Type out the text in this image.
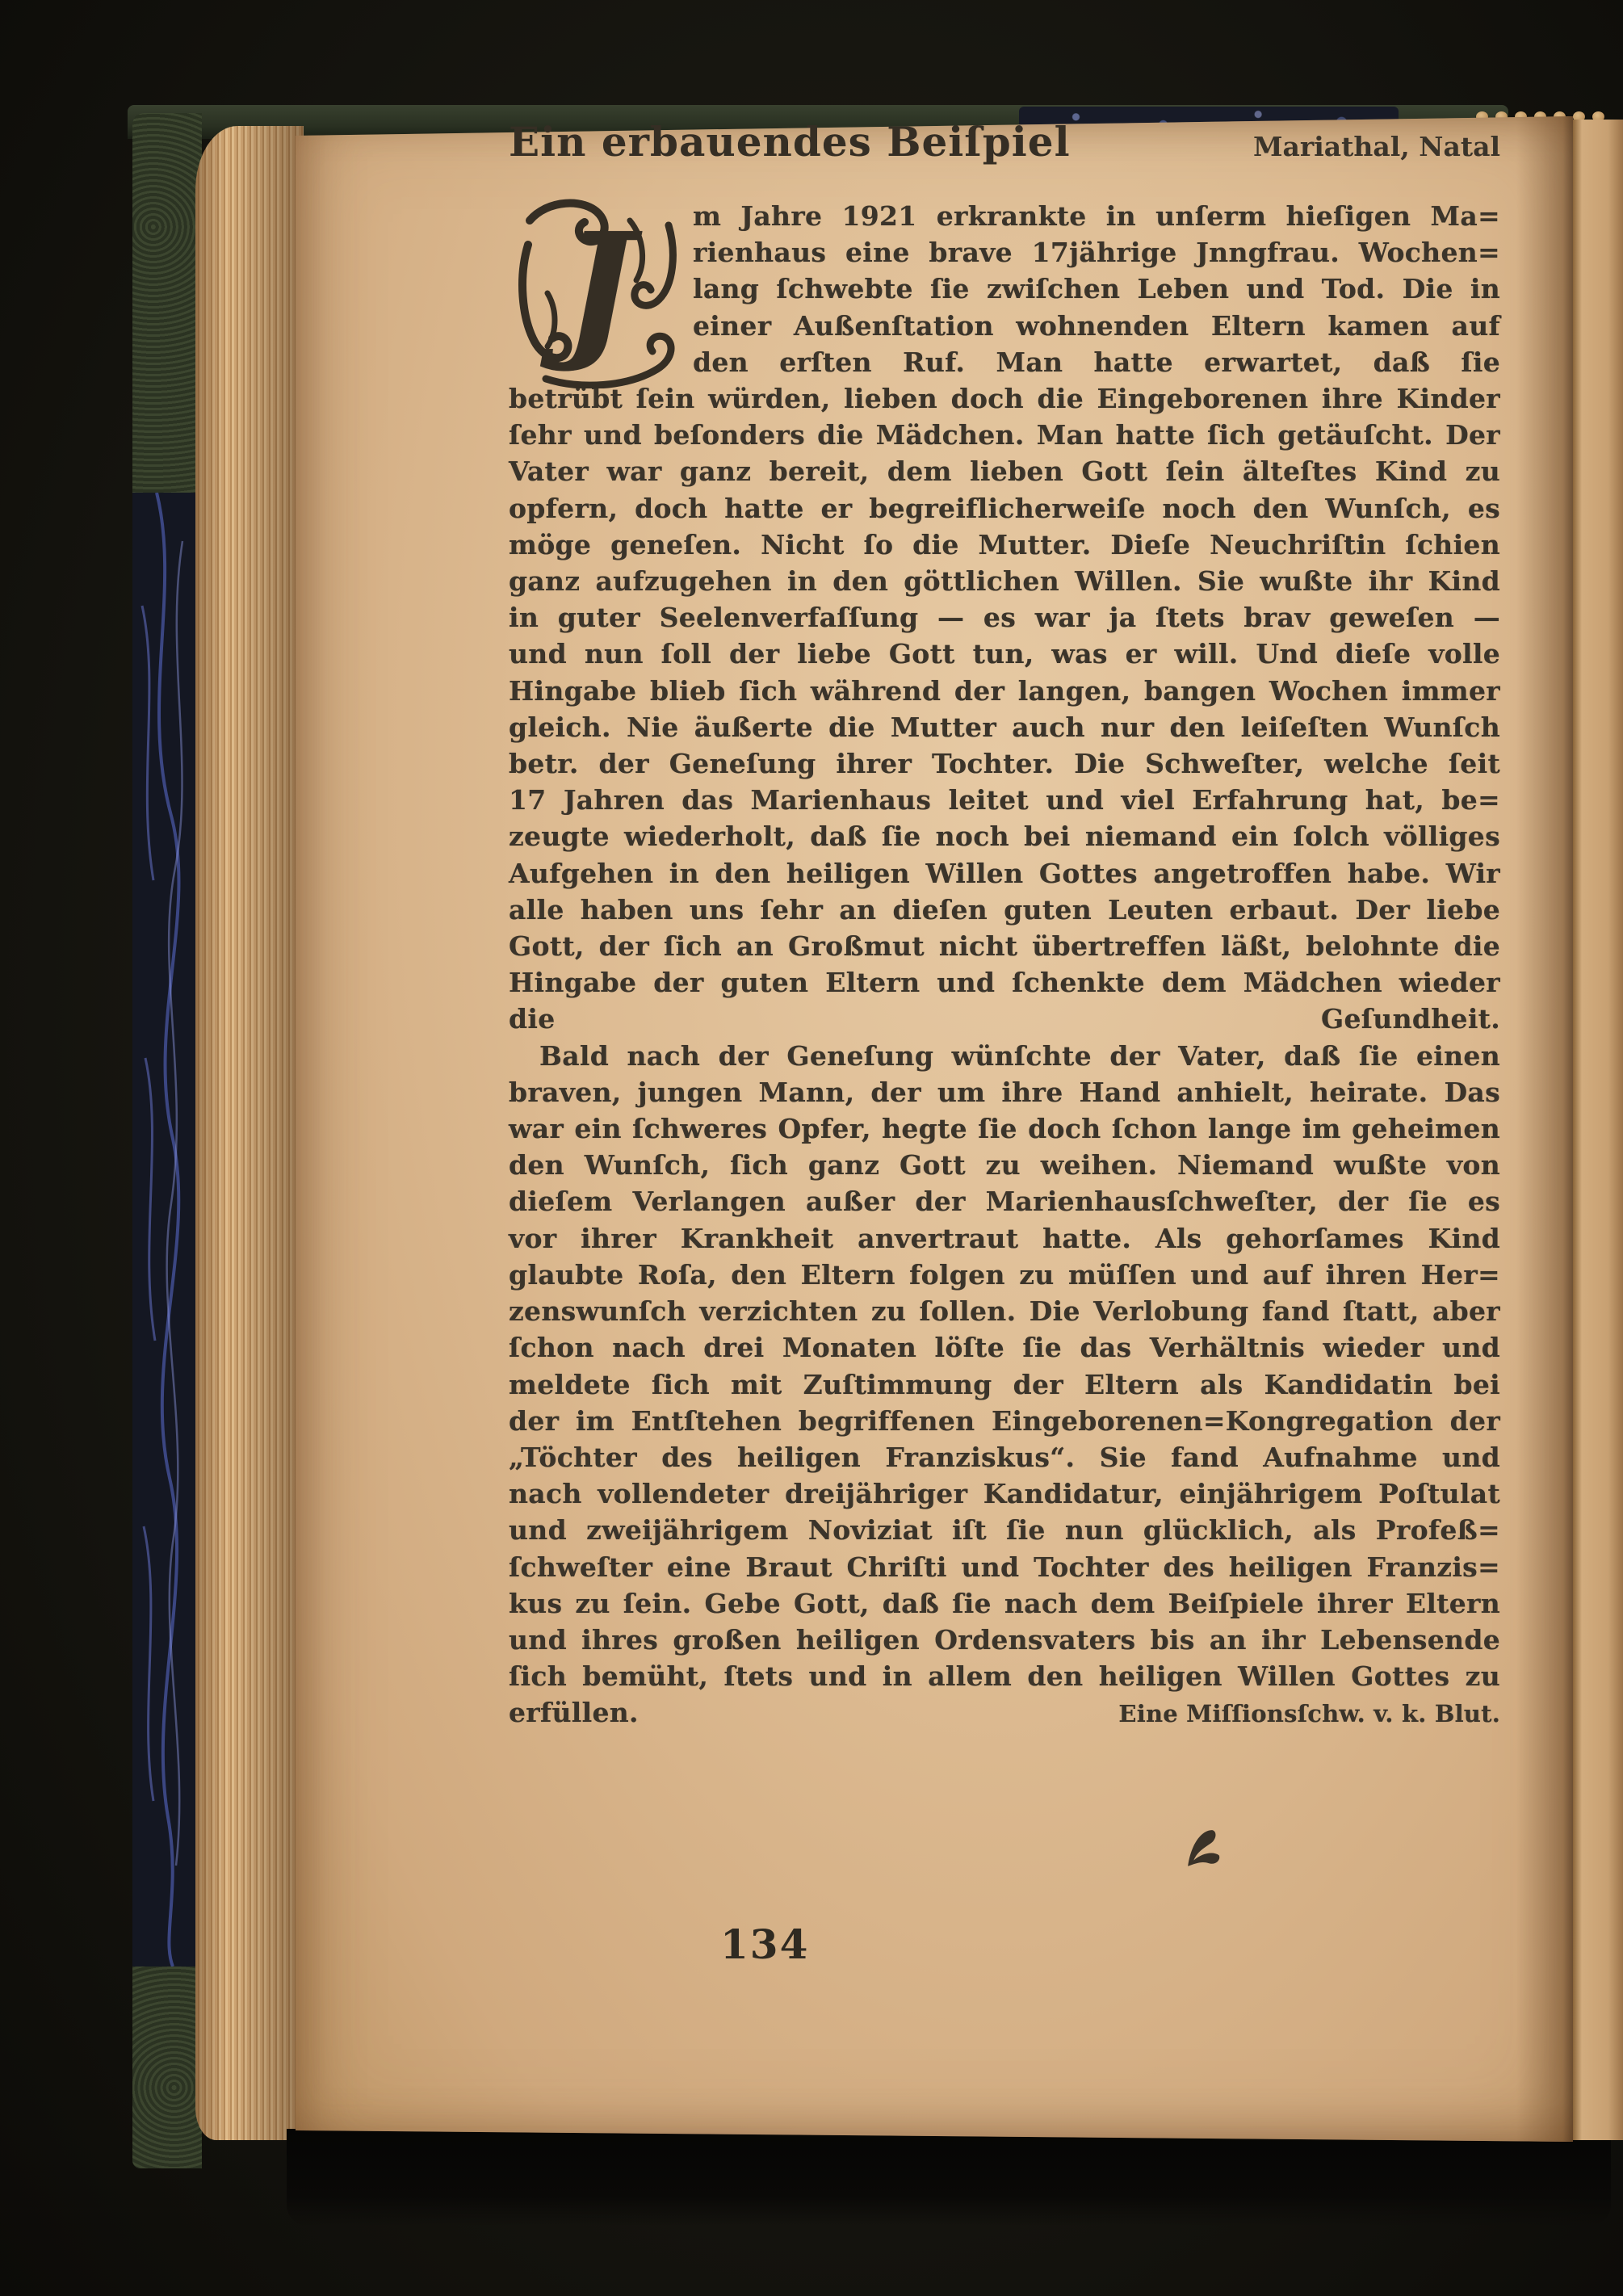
Ein erbauendes Beiſpiel	Mariathal, Natal
J	m Jahre 1921 erkrankte in unſerm hieſigen Ma=
rienhaus eine brave 17jährige Jnngfrau. Wochen=
lang ſchwebte ſie zwiſchen Leben und Tod. Die in
einer Außenſtation wohnenden Eltern kamen auf
den erſten Ruf. Man hatte erwartet, daß ſie
betrübt ſein würden, lieben doch die Eingeborenen ihre Kinder
ſehr und beſonders die Mädchen. Man hatte ſich getäuſcht. Der
Vater war ganz bereit, dem lieben Gott ſein älteſtes Kind zu
opfern, doch hatte er begreiflicherweiſe noch den Wunſch, es
möge geneſen. Nicht ſo die Mutter. Dieſe Neuchriſtin ſchien
ganz aufzugehen in den göttlichen Willen. Sie wußte ihr Kind
in guter Seelenverfaſſung — es war ja ſtets brav geweſen —
und nun ſoll der liebe Gott tun, was er will. Und dieſe volle
Hingabe blieb ſich während der langen, bangen Wochen immer
gleich. Nie äußerte die Mutter auch nur den leiſeſten Wunſch
betr. der Geneſung ihrer Tochter. Die Schweſter, welche ſeit
17 Jahren das Marienhaus leitet und viel Erfahrung hat, be=
zeugte wiederholt, daß ſie noch bei niemand ein ſolch völliges
Aufgehen in den heiligen Willen Gottes angetroffen habe. Wir
alle haben uns ſehr an dieſen guten Leuten erbaut. Der liebe
Gott, der ſich an Großmut nicht übertreffen läßt, belohnte die
Hingabe der guten Eltern und ſchenkte dem Mädchen wieder
die Geſundheit.
Bald nach der Geneſung wünſchte der Vater, daß ſie einen
braven, jungen Mann, der um ihre Hand anhielt, heirate. Das
war ein ſchweres Opfer, hegte ſie doch ſchon lange im geheimen
den Wunſch, ſich ganz Gott zu weihen. Niemand wußte von
dieſem Verlangen außer der Marienhausſchweſter, der ſie es
vor ihrer Krankheit anvertraut hatte. Als gehorſames Kind
glaubte Roſa, den Eltern folgen zu müſſen und auf ihren Her=
zenswunſch verzichten zu ſollen. Die Verlobung fand ſtatt, aber
ſchon nach drei Monaten löſte ſie das Verhältnis wieder und
meldete ſich mit Zuſtimmung der Eltern als Kandidatin bei
der im Entſtehen begriffenen Eingeborenen=Kongregation der
„Töchter des heiligen Franziskus“. Sie fand Aufnahme und
nach vollendeter dreijähriger Kandidatur, einjährigem Poſtulat
und zweijährigem Noviziat iſt ſie nun glücklich, als Profeß=
ſchweſter eine Braut Chriſti und Tochter des heiligen Franzis=
kus zu ſein. Gebe Gott, daß ſie nach dem Beiſpiele ihrer Eltern
und ihres großen heiligen Ordensvaters bis an ihr Lebensende
ſich bemüht, ſtets und in allem den heiligen Willen Gottes zu
erfüllen.	Eine Miſſionsſchw. v. k. Blut.
134
